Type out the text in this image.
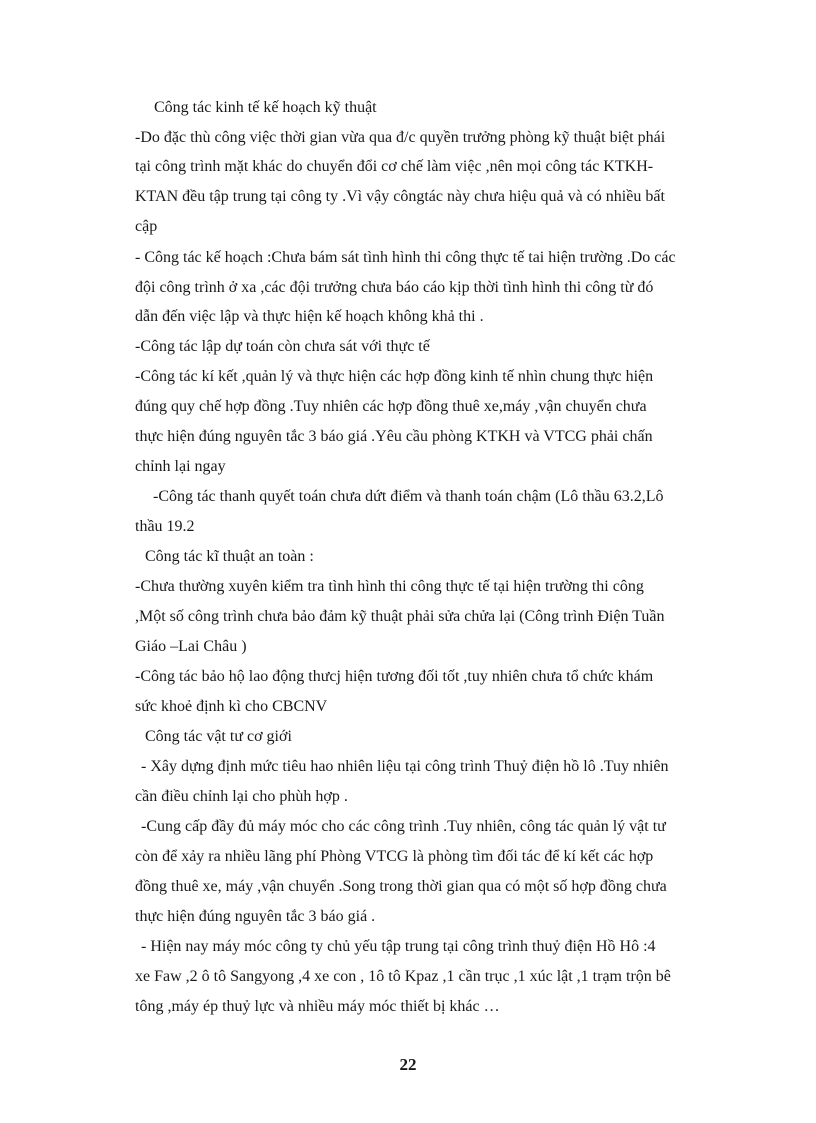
Công tác kinh tế kế hoạch kỹ thuật
-Do đặc thù công việc thời gian vừa qua đ/c quyền trưởng phòng kỹ thuật biệt phái
tại công trình mặt khác do chuyển đổi cơ chế làm việc ,nên mọi công tác KTKH-
KTAN đều tập trung tại công ty .Vì vậy côngtác này chưa hiệu quả và có nhiều bất
cập
- Công tác kế hoạch :Chưa bám sát tình hình thi công thực tế tai hiện trường .Do các
đội công trình ở xa ,các đội trưởng chưa báo cáo kịp thời tình hình thi công từ đó
dẫn đến việc lập và thực hiện kế hoạch không khả thi .
-Công tác lập dự toán còn chưa sát với thực tế
-Công tác kí kết ,quản lý và thực hiện các hợp đồng kinh tế nhìn chung thực hiện
đúng quy chế hợp đồng .Tuy nhiên các hợp đồng thuê xe,máy ,vận chuyển chưa
thực hiện đúng nguyên tắc 3 báo giá .Yêu cầu phòng KTKH và VTCG phải chấn
chỉnh lại ngay
-Công tác thanh quyết toán chưa dứt điểm và thanh toán chậm (Lô thầu 63.2,Lô
thầu 19.2
Công tác kĩ thuật an toàn :
-Chưa thường xuyên kiểm tra tình hình thi công thực tế tại hiện trường thi công
,Một số công trình chưa bảo đảm kỹ thuật phải sửa chửa lại (Công trình Điện Tuần
Giáo –Lai Châu )
-Công tác bảo hộ lao động thưcj hiện tương đối tốt ,tuy nhiên chưa tổ chức khám
sức khoẻ định kì cho CBCNV
Công tác vật tư cơ giới
- Xây dựng định mức tiêu hao nhiên liệu tại công trình Thuỷ điện hồ lô .Tuy nhiên
cần điều chỉnh lại cho phùh hợp .
-Cung cấp đầy đủ máy móc cho các công trình .Tuy nhiên, công tác quản lý vật tư
còn để xảy ra nhiều lãng phí Phòng VTCG là phòng tìm đối tác để kí kết các hợp
đồng thuê xe, máy ,vận chuyển .Song trong thời gian qua có một số hợp đồng chưa
thực hiện đúng nguyên tắc 3 báo giá .
- Hiện nay máy móc công ty chủ yếu tập trung tại công trình thuỷ điện Hồ Hô :4
xe Faw ,2 ô tô Sangyong ,4 xe con , 1ô tô Kpaz ,1 cần trục ,1 xúc lật ,1 trạm trộn bê
tông ,máy ép thuỷ lực và nhiều máy móc thiết bị khác …
22
